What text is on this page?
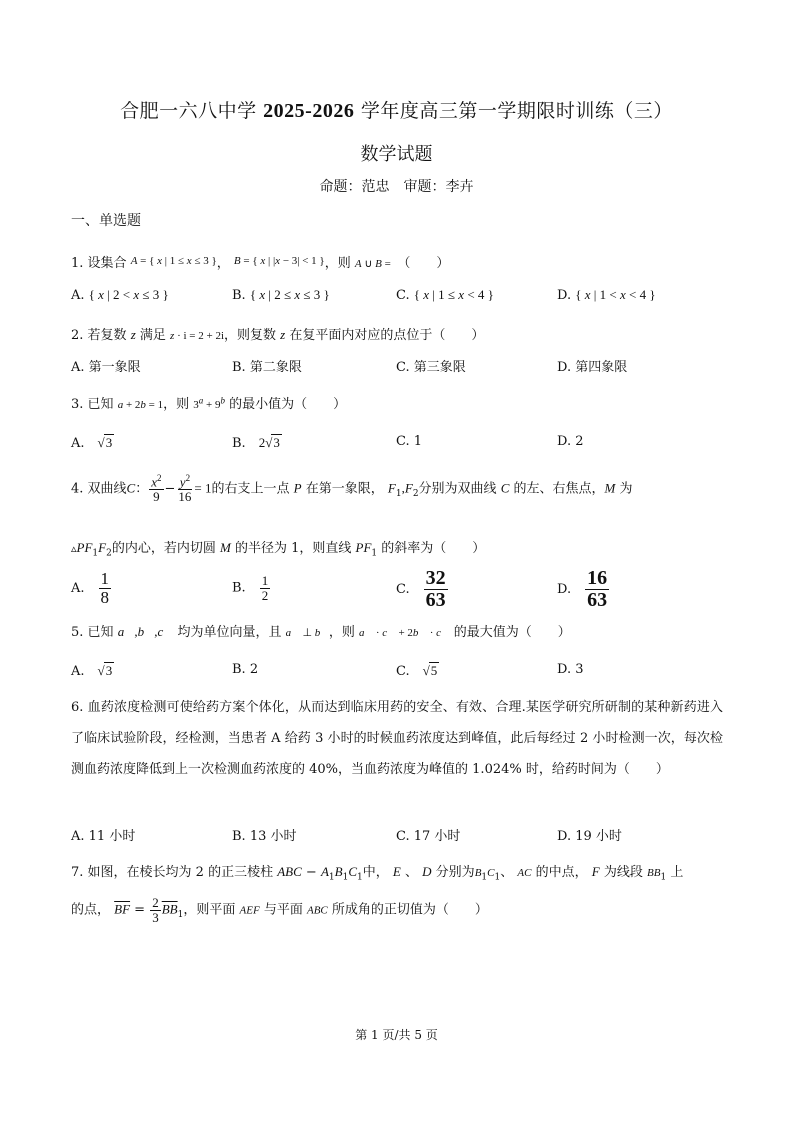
合肥一六八中学 2025-2026 学年度高三第一学期限时训练（三）
数学试题
命题：范忠　审题：李卉
一、单选题
1. 设集合 $^{A = \{ x | 1 \le x \le 3 \}}$， $^{B = \{ x | |x - 3| < 1 \}}$，则 A ∪ B =　（　　）
A. { x | 2 < x ≤ 3 }	B. { x | 2 ≤ x ≤ 3 }	C. { x | 1 ≤ x < 4 }	D. { x | 1 < x < 4 }
2. 若复数 z 满足 z · i = 2 + 2i，则复数 z 在复平面内对应的点位于（　　）
A. 第一象限	B. 第二象限	C. 第三象限	D. 第四象限
3. 已知 a + 2b = 1，则 $3^a + 9^b$ 的最小值为（　　）
A.　 √3	B.　 2√3	C. 1	D. 2
4. 双曲线C： $\frac{x^2}{9} - \frac{y^2}{16} = 1$的右支上一点 P 在第一象限， $F_1,F_2$分别为双曲线 C 的左、右焦点，M 为
$▵PF_1F_2$的内心，若内切圆 M 的半径为 1，则直线 $PF_1$ 的斜率为（　　）
A.　 $\frac{1}{8}$	B.　 $\frac{1}{2}$	C.　 $\frac{32}{63}$	D.　 $\frac{16}{63}$
5. 已知 a⃗,b⃗,c⃗ 均为单位向量，且 a⃗ ⊥ b⃗，则 a⃗ · c⃗ + 2b⃗ · c⃗ 的最大值为（　　）
A.　 √3	B. 2	C.　 √5	D. 3
6. 血药浓度检测可使给药方案个体化，从而达到临床用药的安全、有效、合理.某医学研究所研制的某种新药进入了临床试验阶段，经检测，当患者 A 给药 3 小时的时候血药浓度达到峰值，此后每经过 2 小时检测一次，每次检测血药浓度降低到上一次检测血药浓度的 40%，当血药浓度为峰值的 1.024% 时，给药时间为（　　）
A. 11 小时	B. 13 小时	C. 17 小时	D. 19 小时
7. 如图，在棱长均为 2 的正三棱柱 ABC − $A_1B_1C_1$中， E 、 D 分别为$B_1C_1$、 AC 的中点， F 为线段 $BB_1$ 上
的点， $\overline{BF} = \frac{2}{3} \overline{BB}_1$，则平面 AEF 与平面 ABC 所成角的正切值为（　　）
第 1 页/共 5 页
